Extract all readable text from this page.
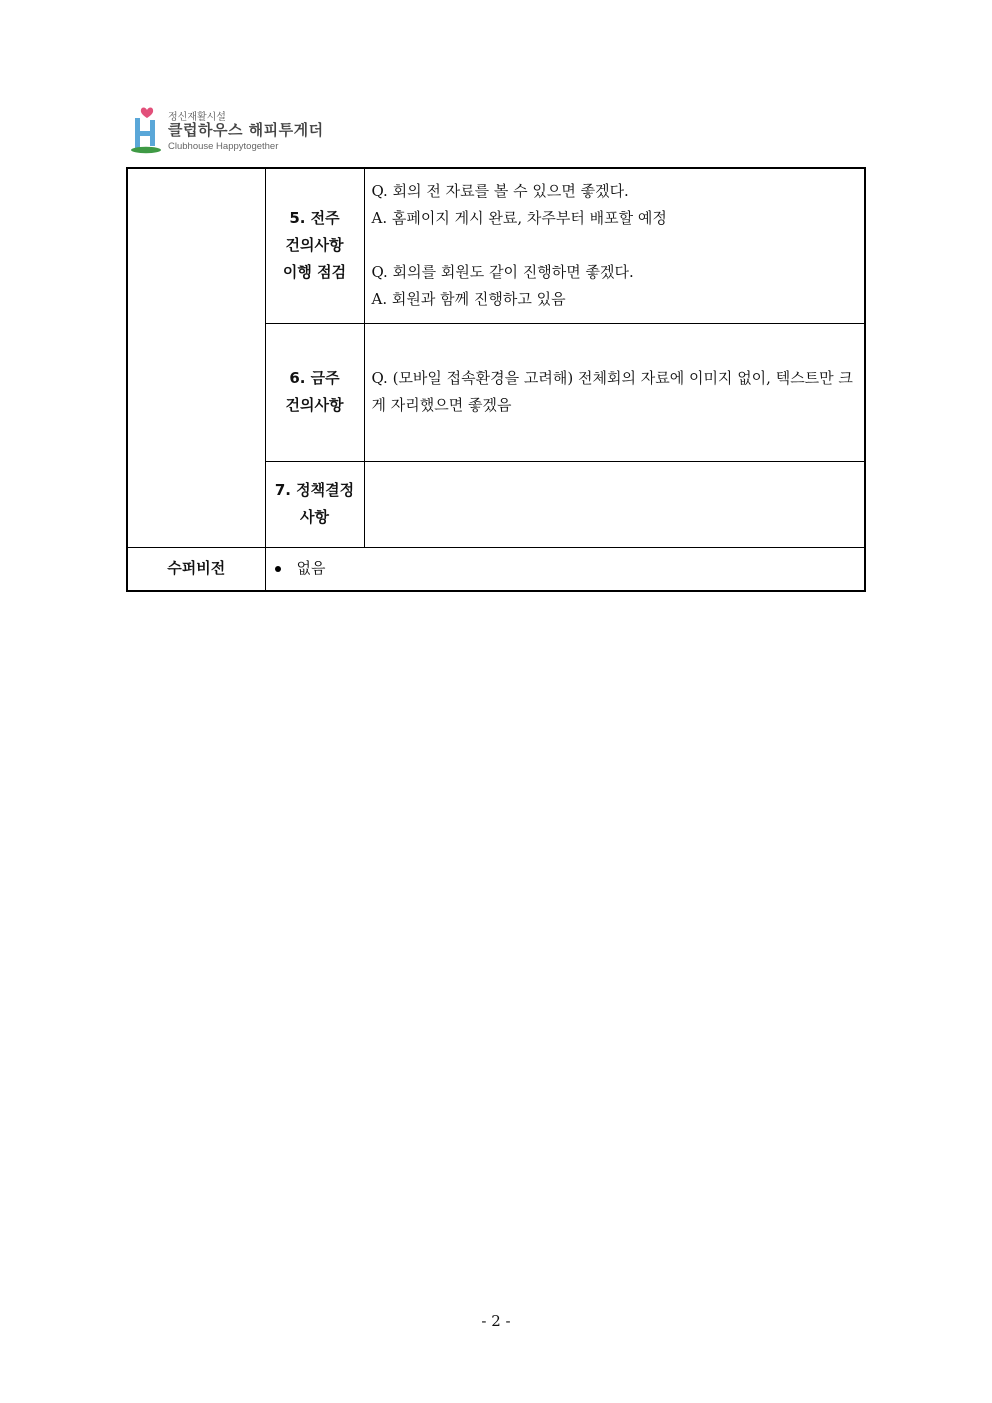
정신재활시설
클럽하우스 해피투게더
Clubhouse Happytogether

	5. 전주
건의사항
이행 점검	Q. 회의 전 자료를 볼 수 있으면 좋겠다.
A. 홈페이지 게시 완료, 차주부터 배포할 예정
Q. 회의를 회원도 같이 진행하면 좋겠다.
A. 회원과 함께 진행하고 있음

	6. 금주
건의사항	Q. (모바일 접속환경을 고려해) 전체회의 자료에 이미지 없이, 텍스트만 크게 자리했으면 좋겠음

	7. 정책결정
사항	

수퍼비전	없음	
- 2 -
